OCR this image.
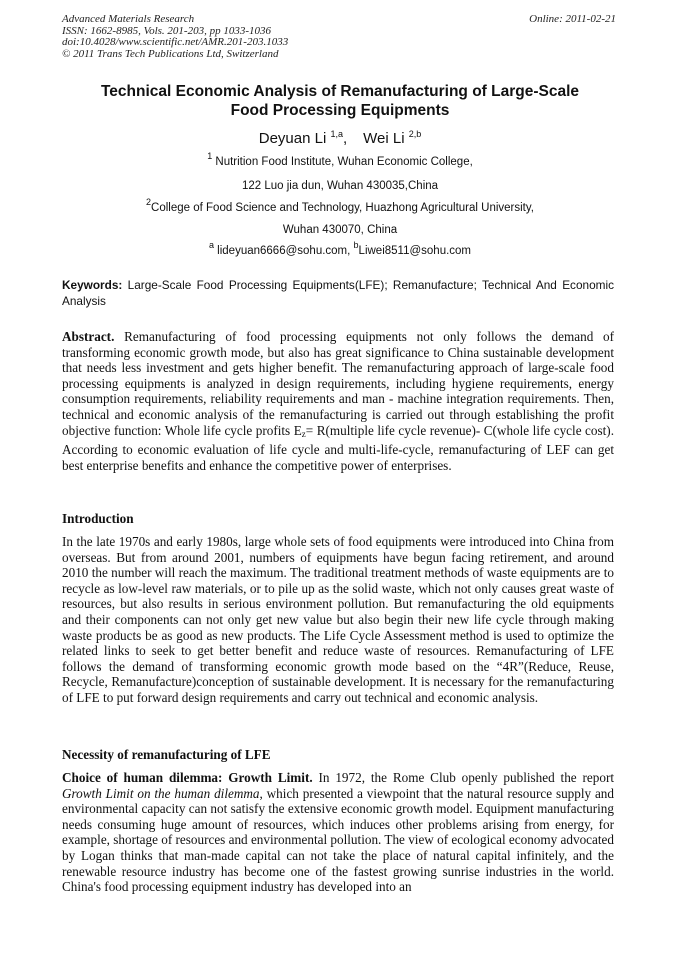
Advanced Materials Research
ISSN: 1662-8985, Vols. 201-203, pp 1033-1036
doi:10.4028/www.scientific.net/AMR.201-203.1033
© 2011 Trans Tech Publications Ltd, Switzerland
Online: 2011-02-21
Technical Economic Analysis of Remanufacturing of Large-Scale
Food Processing Equipments
Deyuan Li $^{1,a}$, Wei Li $^{2,b}$
$^1$ Nutrition Food Institute, Wuhan Economic College,
122 Luo jia dun, Wuhan 430035,China
$^2$College of Food Science and Technology, Huazhong Agricultural University,
Wuhan 430070, China
$^a$ lideyuan6666@sohu.com, $^b$Liwei8511@sohu.com
Keywords: Large-Scale Food Processing Equipments(LFE); Remanufacture; Technical And Economic Analysis
Abstract. Remanufacturing of food processing equipments not only follows the demand of transforming economic growth mode, but also has great significance to China sustainable development that needs less investment and gets higher benefit. The remanufacturing approach of large-scale food processing equipments is analyzed in design requirements, including hygiene requirements, energy consumption requirements, reliability requirements and man - machine integration requirements. Then, technical and economic analysis of the remanufacturing is carried out through establishing the profit objective function: Whole life cycle profits $E_z=$ R(multiple life cycle revenue)- C(whole life cycle cost). According to economic evaluation of life cycle and multi-life-cycle, remanufacturing of LEF can get best enterprise benefits and enhance the competitive power of enterprises.
Introduction
In the late 1970s and early 1980s, large whole sets of food equipments were introduced into China from overseas. But from around 2001, numbers of equipments have begun facing retirement, and around 2010 the number will reach the maximum. The traditional treatment methods of waste equipments are to recycle as low-level raw materials, or to pile up as the solid waste, which not only causes great waste of resources, but also results in serious environment pollution. But remanufacturing the old equipments and their components can not only get new value but also begin their new life cycle through making waste products be as good as new products. The Life Cycle Assessment method is used to optimize the related links to seek to get better benefit and reduce waste of resources. Remanufacturing of LFE follows the demand of transforming economic growth mode based on the “4R”(Reduce, Reuse, Recycle, Remanufacture)conception of sustainable development. It is necessary for the remanufacturing of LFE to put forward design requirements and carry out technical and economic analysis.
Necessity of remanufacturing of LFE
Choice of human dilemma: Growth Limit. In 1972, the Rome Club openly published the report Growth Limit on the human dilemma, which presented a viewpoint that the natural resource supply and environmental capacity can not satisfy the extensive economic growth model. Equipment manufacturing needs consuming huge amount of resources, which induces other problems arising from energy, for example, shortage of resources and environmental pollution. The view of ecological economy advocated by Logan thinks that man-made capital can not take the place of natural capital infinitely, and the renewable resource industry has become one of the fastest growing sunrise industries in the world. China's food processing equipment industry has developed into an
